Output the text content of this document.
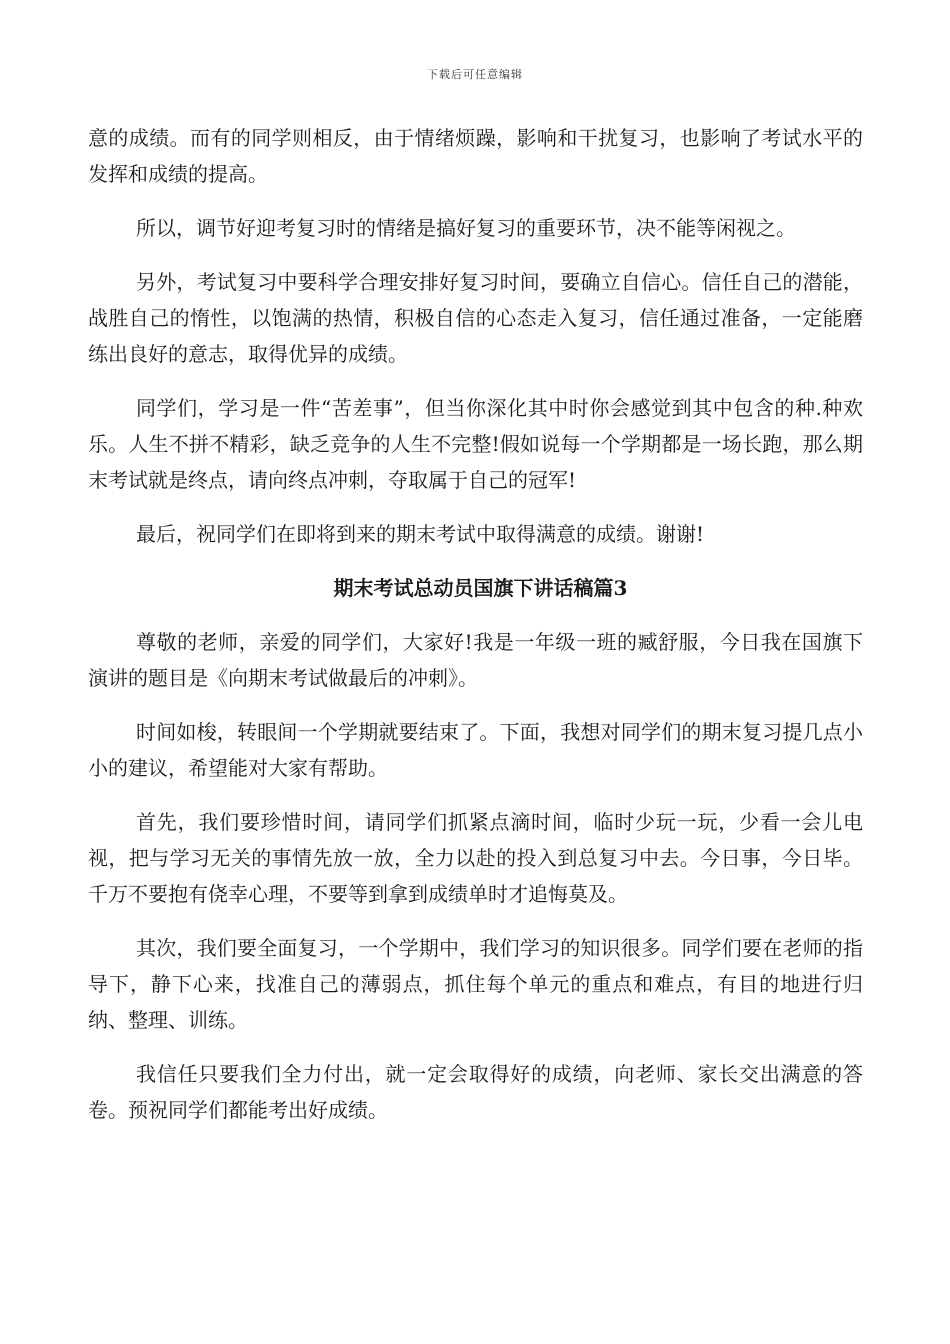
下载后可任意编辑

意的成绩。而有的同学则相反，由于情绪烦躁，影响和干扰复习，也影响了考试水平的发挥和成绩的提高。

所以，调节好迎考复习时的情绪是搞好复习的重要环节，决不能等闲视之。

另外，考试复习中要科学合理安排好复习时间，要确立自信心。信任自己的潜能，战胜自己的惰性，以饱满的热情，积极自信的心态走入复习，信任通过准备，一定能磨练出良好的意志，取得优异的成绩。

同学们，学习是一件“苦差事”，但当你深化其中时你会感觉到其中包含的种.种欢乐。人生不拼不精彩，缺乏竞争的人生不完整!假如说每一个学期都是一场长跑，那么期末考试就是终点，请向终点冲刺，夺取属于自己的冠军!

最后，祝同学们在即将到来的期末考试中取得满意的成绩。谢谢!

期末考试总动员国旗下讲话稿篇3

尊敬的老师，亲爱的同学们，大家好!我是一年级一班的臧舒服，今日我在国旗下演讲的题目是《向期末考试做最后的冲刺》。

时间如梭，转眼间一个学期就要结束了。下面，我想对同学们的期末复习提几点小小的建议，希望能对大家有帮助。

首先，我们要珍惜时间，请同学们抓紧点滴时间，临时少玩一玩，少看一会儿电视，把与学习无关的事情先放一放，全力以赴的投入到总复习中去。今日事，今日毕。千万不要抱有侥幸心理，不要等到拿到成绩单时才追悔莫及。

其次，我们要全面复习，一个学期中，我们学习的知识很多。同学们要在老师的指导下，静下心来，找准自己的薄弱点，抓住每个单元的重点和难点，有目的地进行归纳、整理、训练。

我信任只要我们全力付出，就一定会取得好的成绩，向老师、家长交出满意的答卷。预祝同学们都能考出好成绩。
